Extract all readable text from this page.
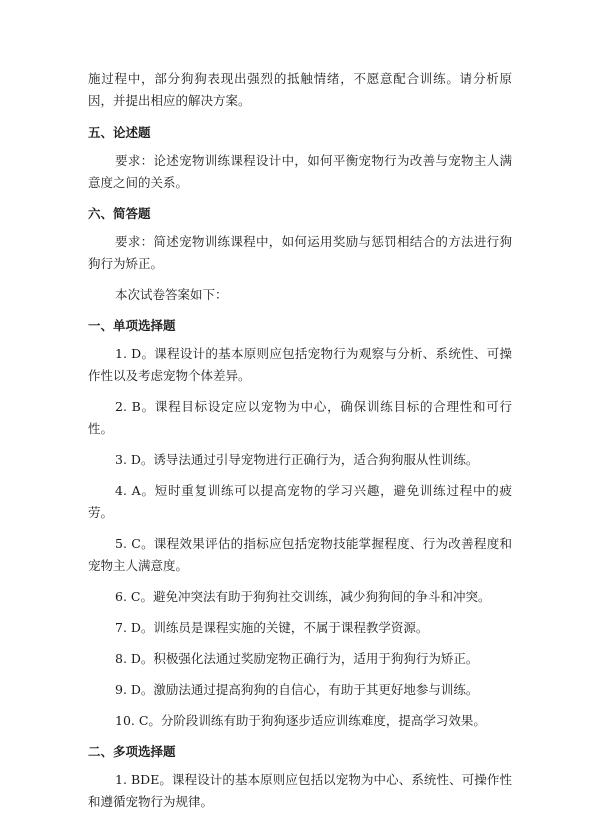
施过程中，部分狗狗表现出强烈的抵触情绪，不愿意配合训练。请分析原因，并提出相应的解决方案。

五、论述题

要求：论述宠物训练课程设计中，如何平衡宠物行为改善与宠物主人满意度之间的关系。

六、简答题

要求：简述宠物训练课程中，如何运用奖励与惩罚相结合的方法进行狗狗行为矫正。

本次试卷答案如下：

一、单项选择题

1. D。课程设计的基本原则应包括宠物行为观察与分析、系统性、可操作性以及考虑宠物个体差异。

2. B。课程目标设定应以宠物为中心，确保训练目标的合理性和可行性。

3. D。诱导法通过引导宠物进行正确行为，适合狗狗服从性训练。

4. A。短时重复训练可以提高宠物的学习兴趣，避免训练过程中的疲劳。

5. C。课程效果评估的指标应包括宠物技能掌握程度、行为改善程度和宠物主人满意度。

6. C。避免冲突法有助于狗狗社交训练，减少狗狗间的争斗和冲突。

7. D。训练员是课程实施的关键，不属于课程教学资源。

8. D。积极强化法通过奖励宠物正确行为，适用于狗狗行为矫正。

9. D。激励法通过提高狗狗的自信心，有助于其更好地参与训练。

10. C。分阶段训练有助于狗狗逐步适应训练难度，提高学习效果。

二、多项选择题

1. BDE。课程设计的基本原则应包括以宠物为中心、系统性、可操作性和遵循宠物行为规律。
